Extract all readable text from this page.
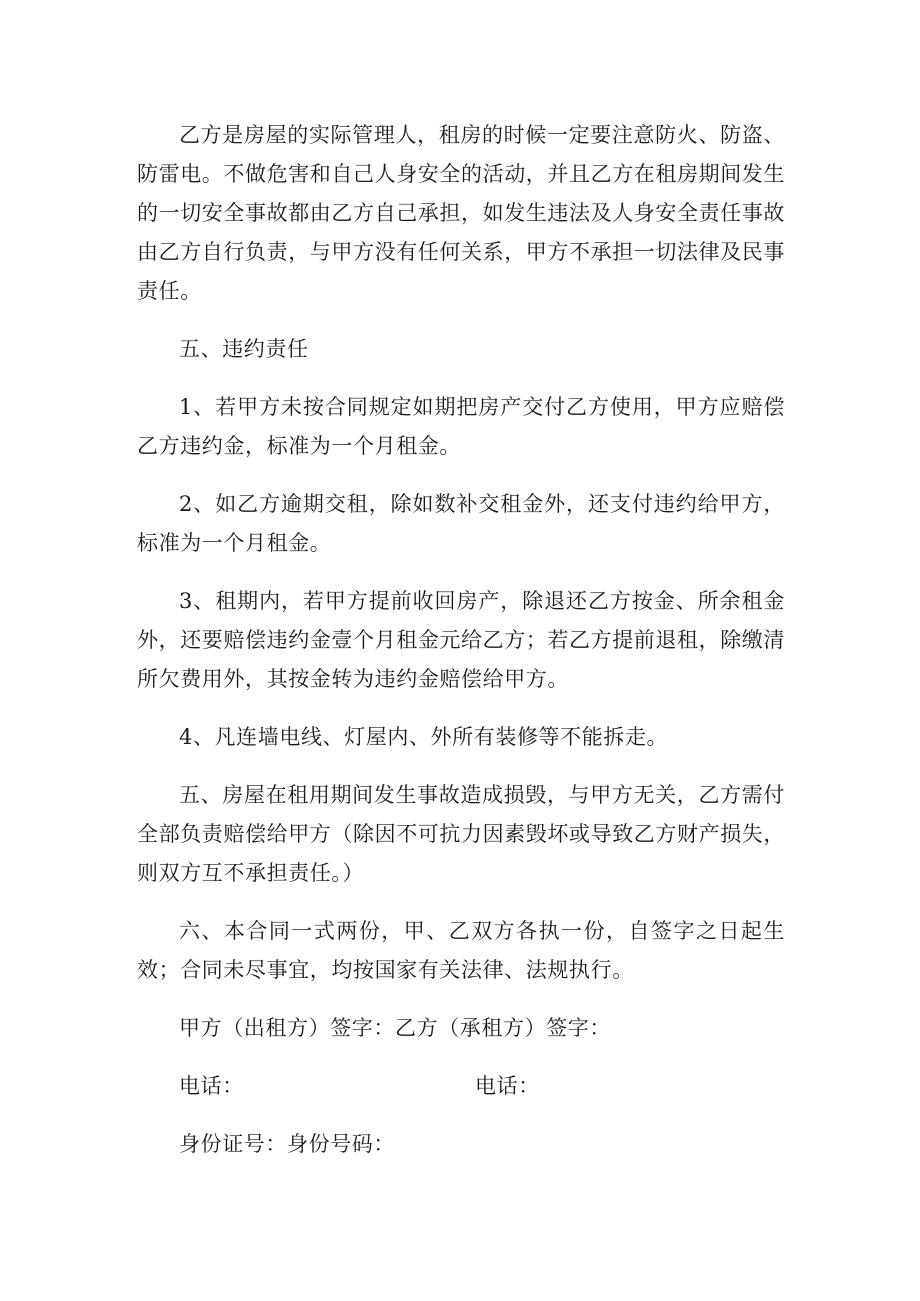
乙方是房屋的实际管理人，租房的时候一定要注意防火、防盗、防雷电。不做危害和自己人身安全的活动，并且乙方在租房期间发生的一切安全事故都由乙方自己承担，如发生违法及人身安全责任事故由乙方自行负责，与甲方没有任何关系，甲方不承担一切法律及民事责任。

五、违约责任

1、若甲方未按合同规定如期把房产交付乙方使用，甲方应赔偿乙方违约金，标准为一个月租金。

2、如乙方逾期交租，除如数补交租金外，还支付违约给甲方，标准为一个月租金。

3、租期内，若甲方提前收回房产，除退还乙方按金、所余租金外，还要赔偿违约金壹个月租金元给乙方；若乙方提前退租，除缴清所欠费用外，其按金转为违约金赔偿给甲方。

4、凡连墙电线、灯屋内、外所有装修等不能拆走。

五、房屋在租用期间发生事故造成损毁，与甲方无关，乙方需付全部负责赔偿给甲方（除因不可抗力因素毁坏或导致乙方财产损失，则双方互不承担责任。）

六、本合同一式两份，甲、乙双方各执一份，自签字之日起生效；合同未尽事宜，均按国家有关法律、法规执行。

甲方（出租方）签字：乙方（承租方）签字：
电话：	电话：
身份证号：身份号码：
